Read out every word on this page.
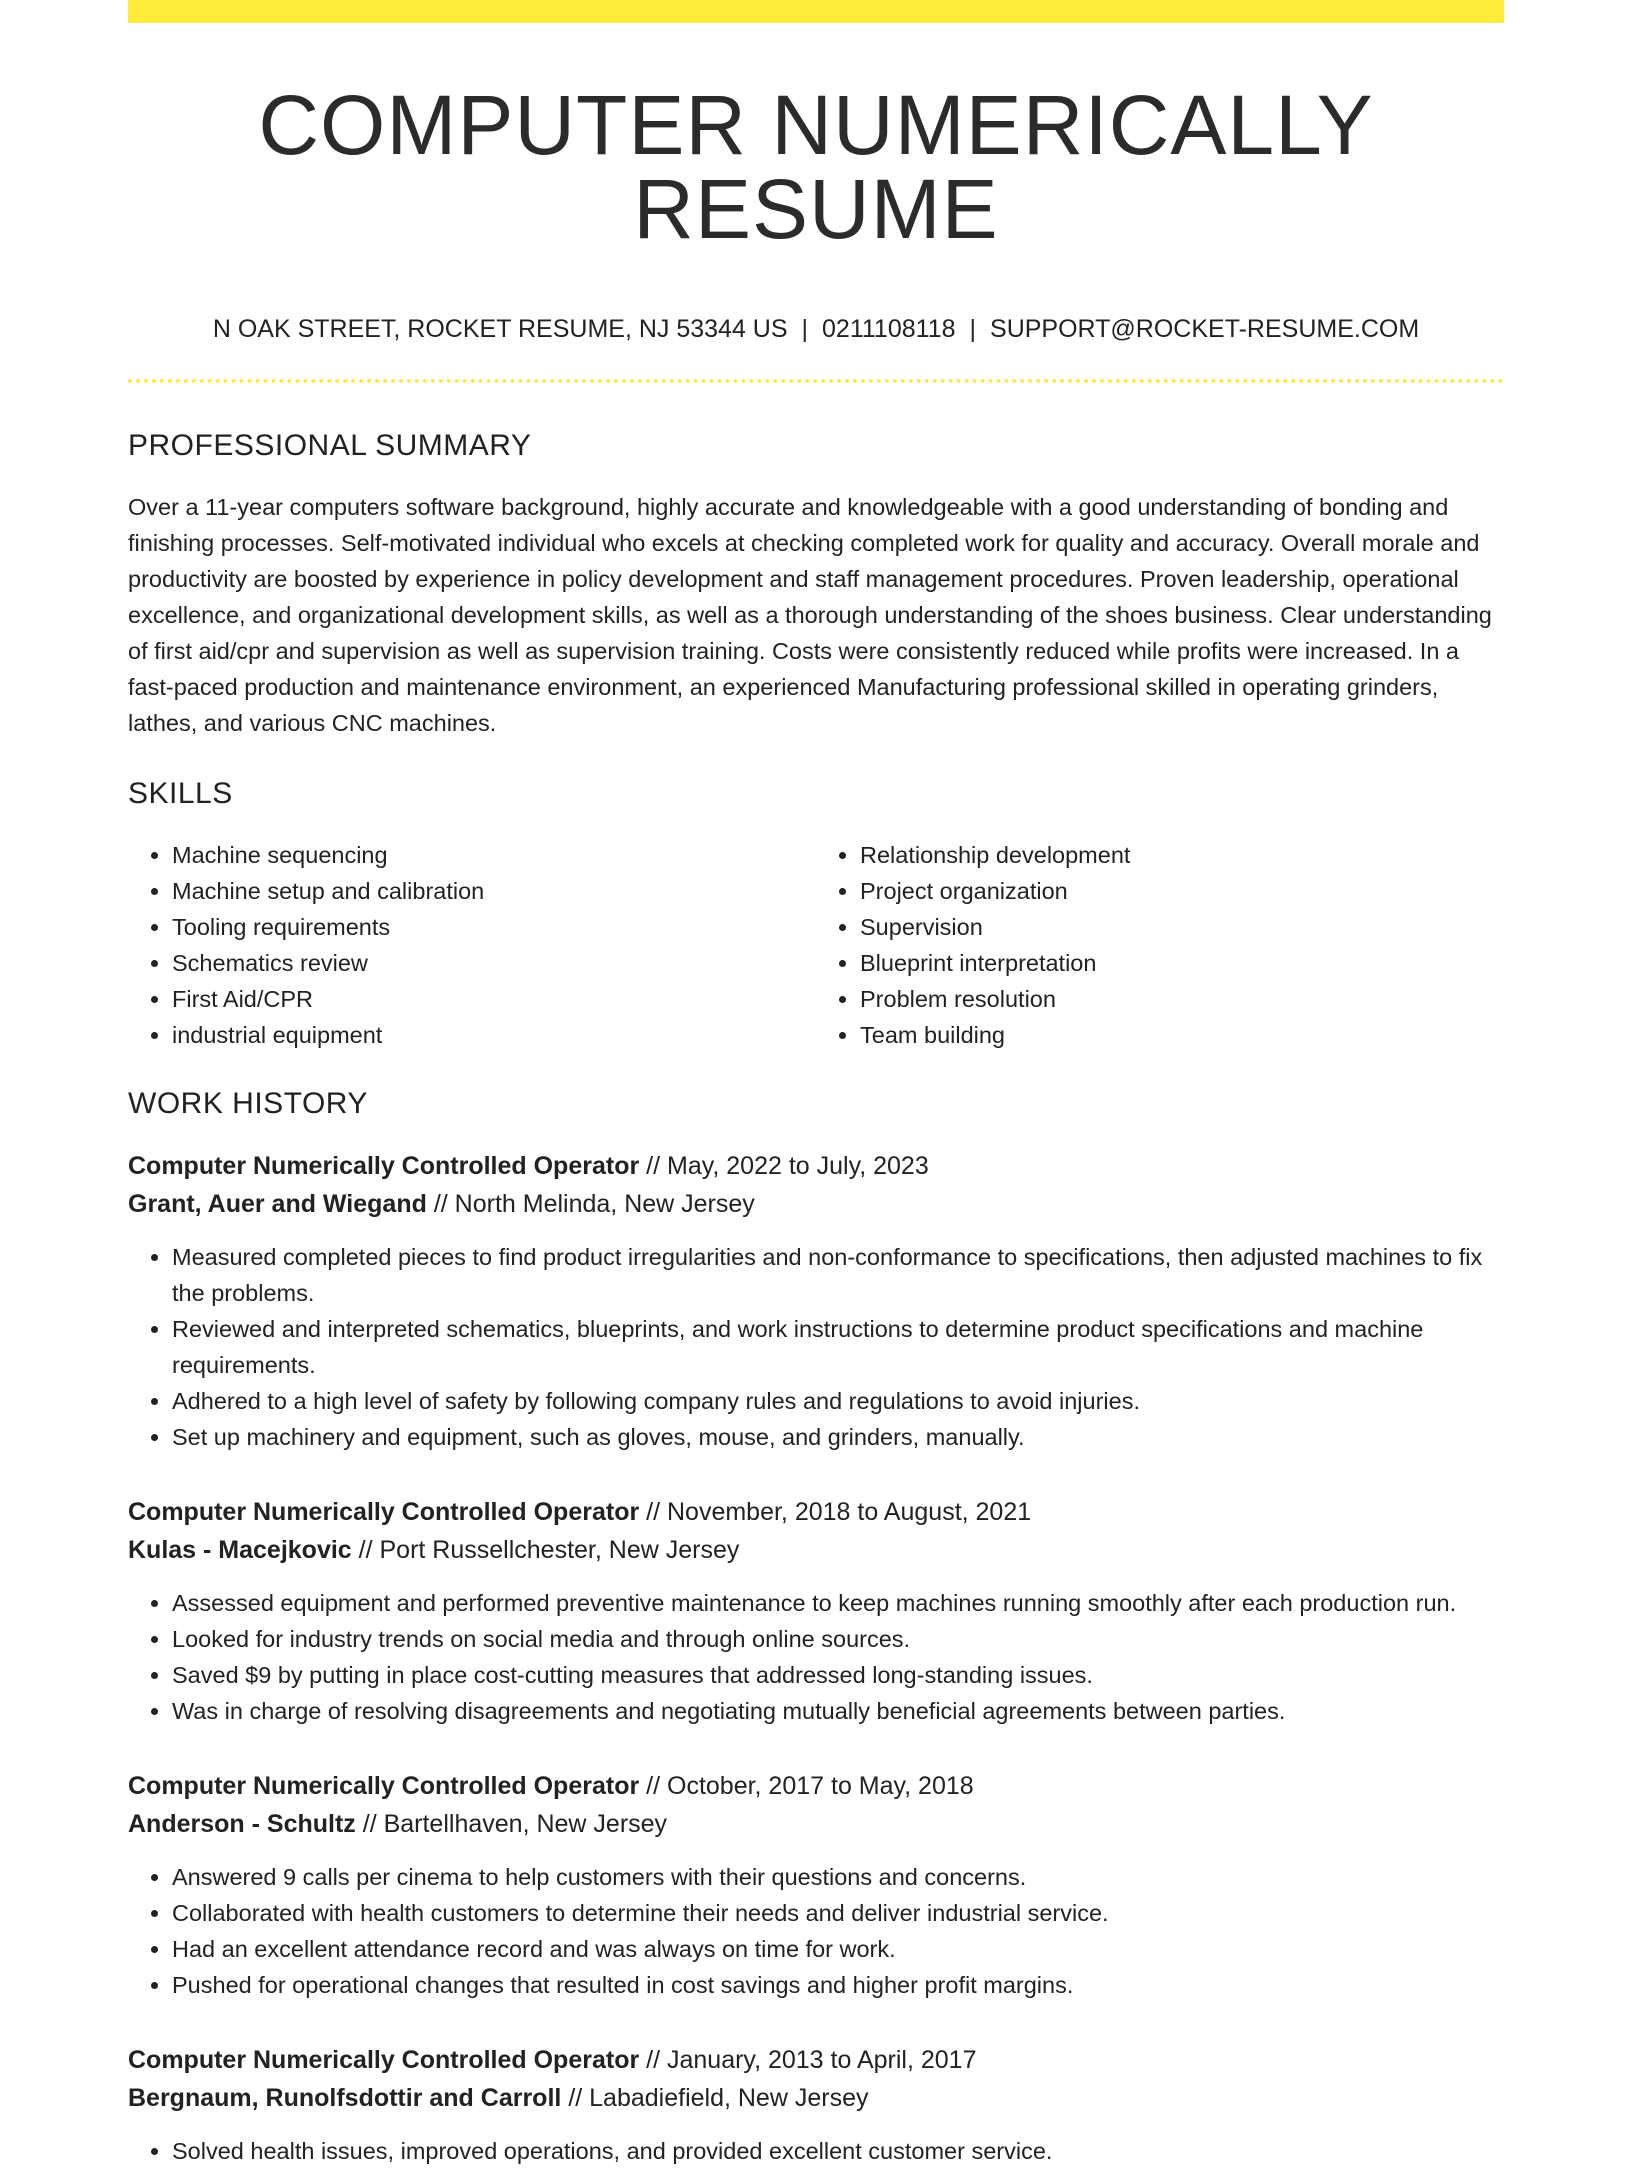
COMPUTER NUMERICALLY RESUME
N OAK STREET, ROCKET RESUME, NJ 53344 US | 0211108118 | SUPPORT@ROCKET-RESUME.COM
PROFESSIONAL SUMMARY

Over a 11-year computers software background, highly accurate and knowledgeable with a good understanding of bonding and finishing processes. Self-motivated individual who excels at checking completed work for quality and accuracy. Overall morale and productivity are boosted by experience in policy development and staff management procedures. Proven leadership, operational excellence, and organizational development skills, as well as a thorough understanding of the shoes business. Clear understanding of first aid/cpr and supervision as well as supervision training. Costs were consistently reduced while profits were increased. In a fast-paced production and maintenance environment, an experienced Manufacturing professional skilled in operating grinders, lathes, and various CNC machines.

SKILLS
• Machine sequencing
• Machine setup and calibration
• Tooling requirements
• Schematics review
• First Aid/CPR
• industrial equipment
• Relationship development
• Project organization
• Supervision
• Blueprint interpretation
• Problem resolution
• Team building
WORK HISTORY
Computer Numerically Controlled Operator // May, 2022 to July, 2023
Grant, Auer and Wiegand // North Melinda, New Jersey
• Measured completed pieces to find product irregularities and non-conformance to specifications, then adjusted machines to fix the problems.
• Reviewed and interpreted schematics, blueprints, and work instructions to determine product specifications and machine requirements.
• Adhered to a high level of safety by following company rules and regulations to avoid injuries.
• Set up machinery and equipment, such as gloves, mouse, and grinders, manually.
Computer Numerically Controlled Operator // November, 2018 to August, 2021
Kulas - Macejkovic // Port Russellchester, New Jersey
• Assessed equipment and performed preventive maintenance to keep machines running smoothly after each production run.
• Looked for industry trends on social media and through online sources.
• Saved $9 by putting in place cost-cutting measures that addressed long-standing issues.
• Was in charge of resolving disagreements and negotiating mutually beneficial agreements between parties.
Computer Numerically Controlled Operator // October, 2017 to May, 2018
Anderson - Schultz // Bartellhaven, New Jersey
• Answered 9 calls per cinema to help customers with their questions and concerns.
• Collaborated with health customers to determine their needs and deliver industrial service.
• Had an excellent attendance record and was always on time for work.
• Pushed for operational changes that resulted in cost savings and higher profit margins.
Computer Numerically Controlled Operator // January, 2013 to April, 2017
Bergnaum, Runolfsdottir and Carroll // Labadiefield, New Jersey
• Solved health issues, improved operations, and provided excellent customer service.
